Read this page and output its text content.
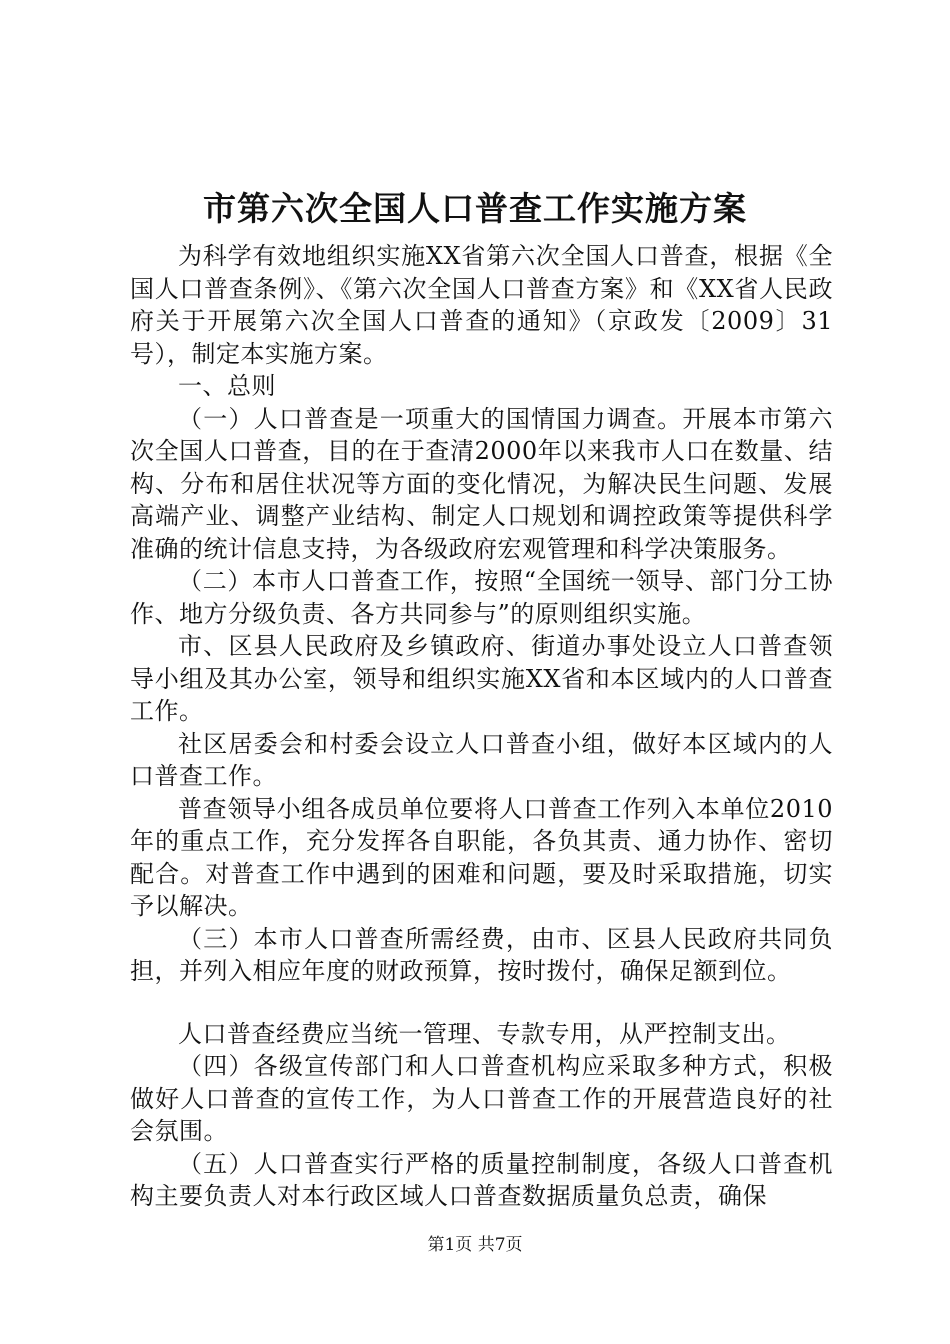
市第六次全国人口普查工作实施方案

为科学有效地组织实施XX省第六次全国人口普查，根据《全国人口普查条例》、《第六次全国人口普查方案》和《XX省人民政府关于开展第六次全国人口普查的通知》（京政发〔2009〕31号），制定本实施方案。

一、总则

（一）人口普查是一项重大的国情国力调查。开展本市第六次全国人口普查，目的在于查清2000年以来我市人口在数量、结构、分布和居住状况等方面的变化情况，为解决民生问题、发展高端产业、调整产业结构、制定人口规划和调控政策等提供科学准确的统计信息支持，为各级政府宏观管理和科学决策服务。

（二）本市人口普查工作，按照“全国统一领导、部门分工协作、地方分级负责、各方共同参与”的原则组织实施。

市、区县人民政府及乡镇政府、街道办事处设立人口普查领导小组及其办公室，领导和组织实施XX省和本区域内的人口普查工作。

社区居委会和村委会设立人口普查小组，做好本区域内的人口普查工作。

普查领导小组各成员单位要将人口普查工作列入本单位2010年的重点工作，充分发挥各自职能，各负其责、通力协作、密切配合。对普查工作中遇到的困难和问题，要及时采取措施，切实予以解决。

（三）本市人口普查所需经费，由市、区县人民政府共同负担，并列入相应年度的财政预算，按时拨付，确保足额到位。

人口普查经费应当统一管理、专款专用，从严控制支出。

（四）各级宣传部门和人口普查机构应采取多种方式，积极做好人口普查的宣传工作，为人口普查工作的开展营造良好的社会氛围。

（五）人口普查实行严格的质量控制制度，各级人口普查机构主要负责人对本行政区域人口普查数据质量负总责，确保

第1页 共7页
